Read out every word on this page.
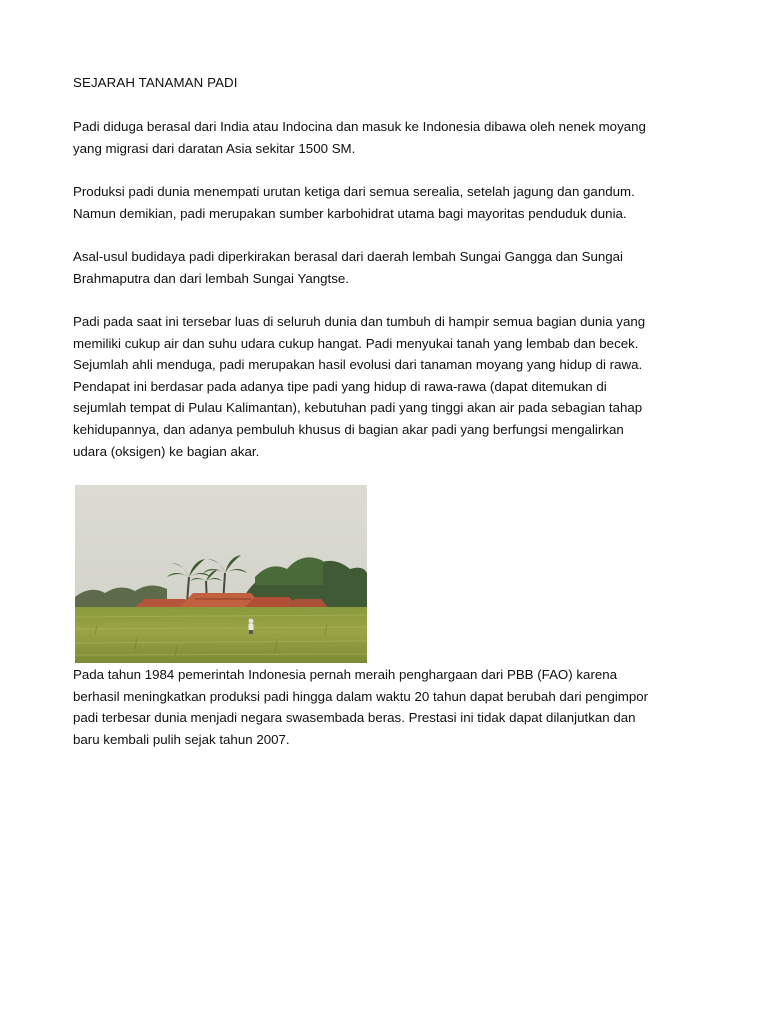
SEJARAH TANAMAN PADI
Padi diduga berasal dari India atau Indocina dan masuk ke Indonesia dibawa oleh nenek moyang
yang migrasi dari daratan Asia sekitar 1500 SM.
Produksi padi dunia menempati urutan ketiga dari semua serealia, setelah jagung dan gandum.
Namun demikian, padi merupakan sumber karbohidrat utama bagi mayoritas penduduk dunia.
Asal-usul budidaya padi diperkirakan berasal dari daerah lembah Sungai Gangga dan Sungai
Brahmaputra dan dari lembah Sungai Yangtse.
Padi pada saat ini tersebar luas di seluruh dunia dan tumbuh di hampir semua bagian dunia yang
memiliki cukup air dan suhu udara cukup hangat. Padi menyukai tanah yang lembab dan becek.
Sejumlah ahli menduga, padi merupakan hasil evolusi dari tanaman moyang yang hidup di rawa.
Pendapat ini berdasar pada adanya tipe padi yang hidup di rawa-rawa (dapat ditemukan di
sejumlah tempat di Pulau Kalimantan), kebutuhan padi yang tinggi akan air pada sebagian tahap
kehidupannya, dan adanya pembuluh khusus di bagian akar padi yang berfungsi mengalirkan
udara (oksigen) ke bagian akar.
Pada tahun 1984 pemerintah Indonesia pernah meraih penghargaan dari PBB (FAO) karena
berhasil meningkatkan produksi padi hingga dalam waktu 20 tahun dapat berubah dari pengimpor
padi terbesar dunia menjadi negara swasembada beras. Prestasi ini tidak dapat dilanjutkan dan
baru kembali pulih sejak tahun 2007.
